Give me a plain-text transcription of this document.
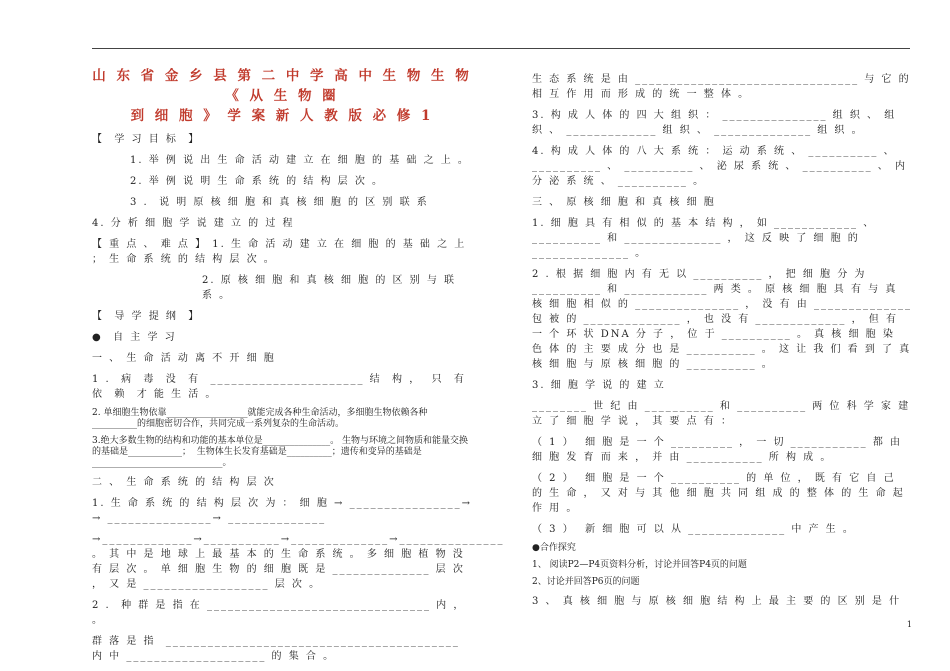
山 东 省 金 乡 县 第 二 中 学 高 中 生 物 生 物《 从 生 物 圈
到 细 胞 》 学 案 新 人 教 版 必 修 1
【  学 习 目 标  】
1. 举 例 说 出 生 命 活 动 建 立 在 细 胞 的 基 础 之 上 。
2. 举 例 说 明 生 命 系 统 的 结 构 层 次 。
3 .  说 明 原 核 细 胞 和 真 核 细 胞 的 区 别 联 系
4. 分 析 细 胞 学 说 建 立 的 过 程
【 重 点 、 难 点 】 1. 生 命 活 动 建 立 在 细 胞 的 基 础 之 上 ； 生 命 系 统 的 结 构 层 次 。
2. 原 核 细 胞 和 真 核 细 胞 的 区 别 与 联 系 。
【  导 学 提 纲  】
●  自 主 学 习
一 、 生 命 活 动 离 不 开 细 胞
1 .  病  毒  没  有  ______________________ 结  构 ，  只  有  依  赖  才 能 生 活 。
2. 单细胞生物依靠__________________就能完成各种生命活动，多细胞生物依赖各种__________的细胞密切合作，共同完成一系列复杂的生命活动。
3.绝大多数生物的结构和功能的基本单位是_______________。 生物与环境之间物质和能量交换的基础是____________；  生物体生长发育基础是__________；遗传和变异的基础是_____________________________。
二 、 生 命 系 统 的 结 构 层 次
1. 生 命 系 统 的 结 构 层 次 为 ： 细 胞 → ________________→ → _______________→ ______________
→_____________→___________→______________→_______________ 。 其 中 是 地 球 上 最 基 本 的 生 命 系 统 。 多 细 胞 植 物 没 有 层 次 。 单 细 胞 生 物 的 细 胞 既 是 ______________ 层 次 ， 又 是 __________________ 层 次 。
2 .  种 群 是 指 在 ________________________________ 内 ， 。
群 落 是 指  __________________________________________ 内 中 ____________________ 的 集 合 。
生 态 系 统 是 由 ________________________________ 与 它 的 相 互 作 用 而 形 成 的 统 一 整 体 。
3. 构 成 人 体 的 四 大 组 织 ： _______________ 组 织 、 组 织 、 _____________ 组 织 、 ______________ 组 织 。
4. 构 成 人 体 的 八 大 系 统 ： 运 动 系 统 、 __________ 、 __________ 、 __________ 、 泌 尿 系 统 、 __________ 、 内 分 泌 系 统 、 __________ 。
三 、 原 核 细 胞 和 真 核 细 胞
1. 细 胞 具 有 相 似 的 基 本 结 构 ， 如 ____________ 、 __________ 和 ______________ ， 这 反 映 了 细 胞 的 ______________ 。
2 . 根 据 细 胞 内 有 无 以 __________ ， 把 细 胞 分 为 __________ 和 ____________ 两 类 。 原 核 细 胞 具 有 与 真 核 细 胞 相 似 的 _______________ ， 没 有 由 ______________ 包 被 的 ______________ ， 也 没 有 _____________ ， 但 有 一 个 环 状 DNA 分 子 ， 位 于 __________ 。 真 核 细 胞 染 色 体 的 主 要 成 分 也 是 __________ 。 这 让 我 们 看 到 了 真 核 细 胞 与 原 核 细 胞 的 __________ 。
3. 细 胞 学 说 的 建 立
________ 世 纪 由 __________ 和 __________ 两 位 科 学 家 建 立 了 细 胞 学 说 ， 其 要 点 有 ：
（ 1 ）  细 胞 是 一 个 _________ ， 一 切 ___________ 都 由 细 胞 发 育 而 来 ， 并 由 ___________ 所 构 成 。
（ 2 ）  细 胞 是 一 个 __________ 的 单 位 ， 既 有 它 自 己 的 生 命 ， 又 对 与 其 他 细 胞 共 同 组 成 的 整 体 的 生 命 起 作 用 。
（ 3 ）  新 细 胞 可 以 从 ______________ 中 产 生 。
●合作探究
1、 阅读P2—P4页资料分析，讨论并回答P4页的问题
2、讨论并回答P6页的问题
3 、 真 核 细 胞 与 原 核 细 胞 结 构 上 最 主 要 的 区 别 是 什
1
